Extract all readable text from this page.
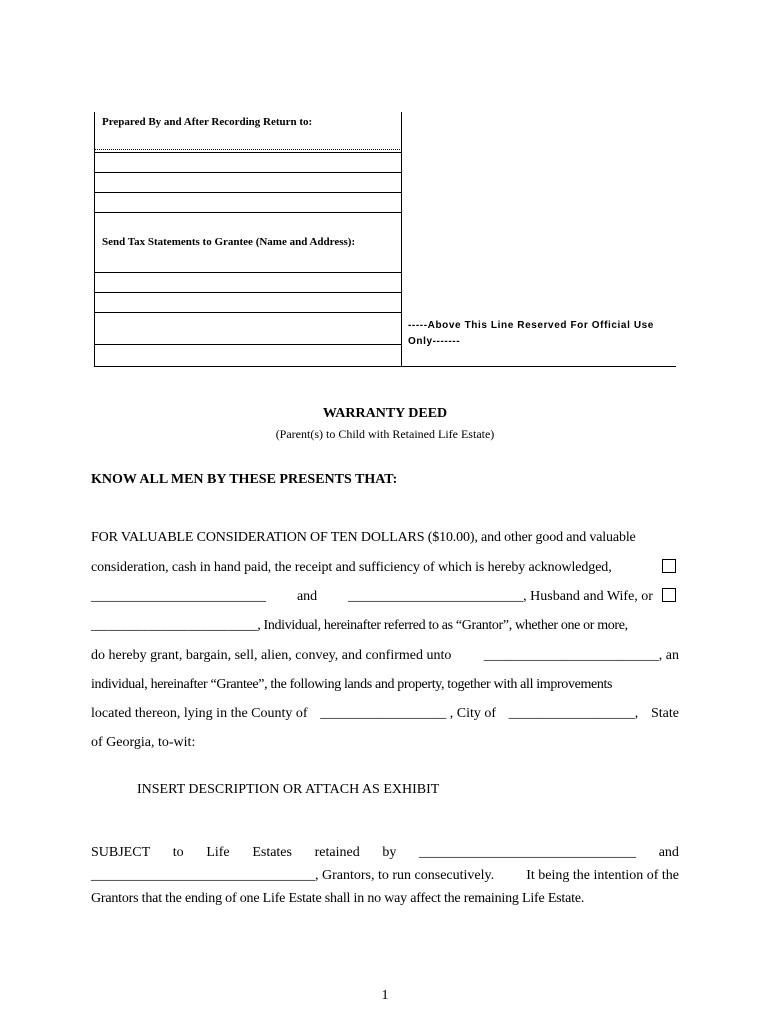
Prepared By and After Recording Return to:
Send Tax Statements to Grantee (Name and Address):
-----Above This Line Reserved For Official Use Only-------
WARRANTY DEED
(Parent(s) to Child with Retained Life Estate)
KNOW ALL MEN BY THESE PRESENTS THAT:
FOR VALUABLE CONSIDERATION OF TEN DOLLARS ($10.00), and other good and valuable
consideration, cash in hand paid, the receipt and sufficiency of which is hereby acknowledged,
_________________________ and _________________________, Husband and Wife, or
_________________________, Individual, hereinafter referred to as “Grantor”, whether one or more,
do hereby grant, bargain, sell, alien, convey, and confirmed unto _________________________, an
individual, hereinafter “Grantee”, the following lands and property, together with all improvements
located thereon, lying in the County of __________________ , City of __________________, State
of Georgia, to-wit:
INSERT DESCRIPTION OR ATTACH AS EXHIBIT
SUBJECT to Life Estates retained by _______________________________ and
________________________________, Grantors, to run consecutively. It being the intention of the
Grantors that the ending of one Life Estate shall in no way affect the remaining Life Estate.
1
